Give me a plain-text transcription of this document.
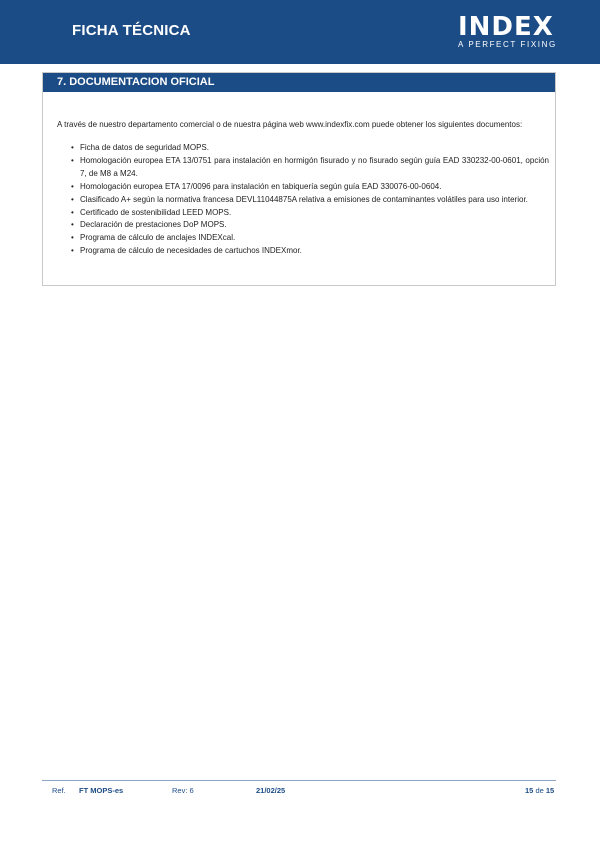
FICHA TÉCNICA	INDEX
A PERFECT FIXING
7. DOCUMENTACION OFICIAL
A través de nuestro departamento comercial o de nuestra página web www.indexfix.com puede obtener los siguientes documentos:
• Ficha de datos de seguridad MOPS.
• Homologación europea ETA 13/0751 para instalación en hormigón fisurado y no fisurado según guía EAD 330232-00-0601, opción 7, de M8 a M24.
• Homologación europea ETA 17/0096 para instalación en tabiquería según guía EAD 330076-00-0604.
• Clasificado A+ según la normativa francesa DEVL11044875A relativa a emisiones de contaminantes volátiles para uso interior.
• Certificado de sostenibilidad LEED MOPS.
• Declaración de prestaciones DoP MOPS.
• Programa de cálculo de anclajes INDEXcal.
• Programa de cálculo de necesidades de cartuchos INDEXmor.
Ref. FT MOPS-es	Rev: 6	21/02/25	15 de 15
